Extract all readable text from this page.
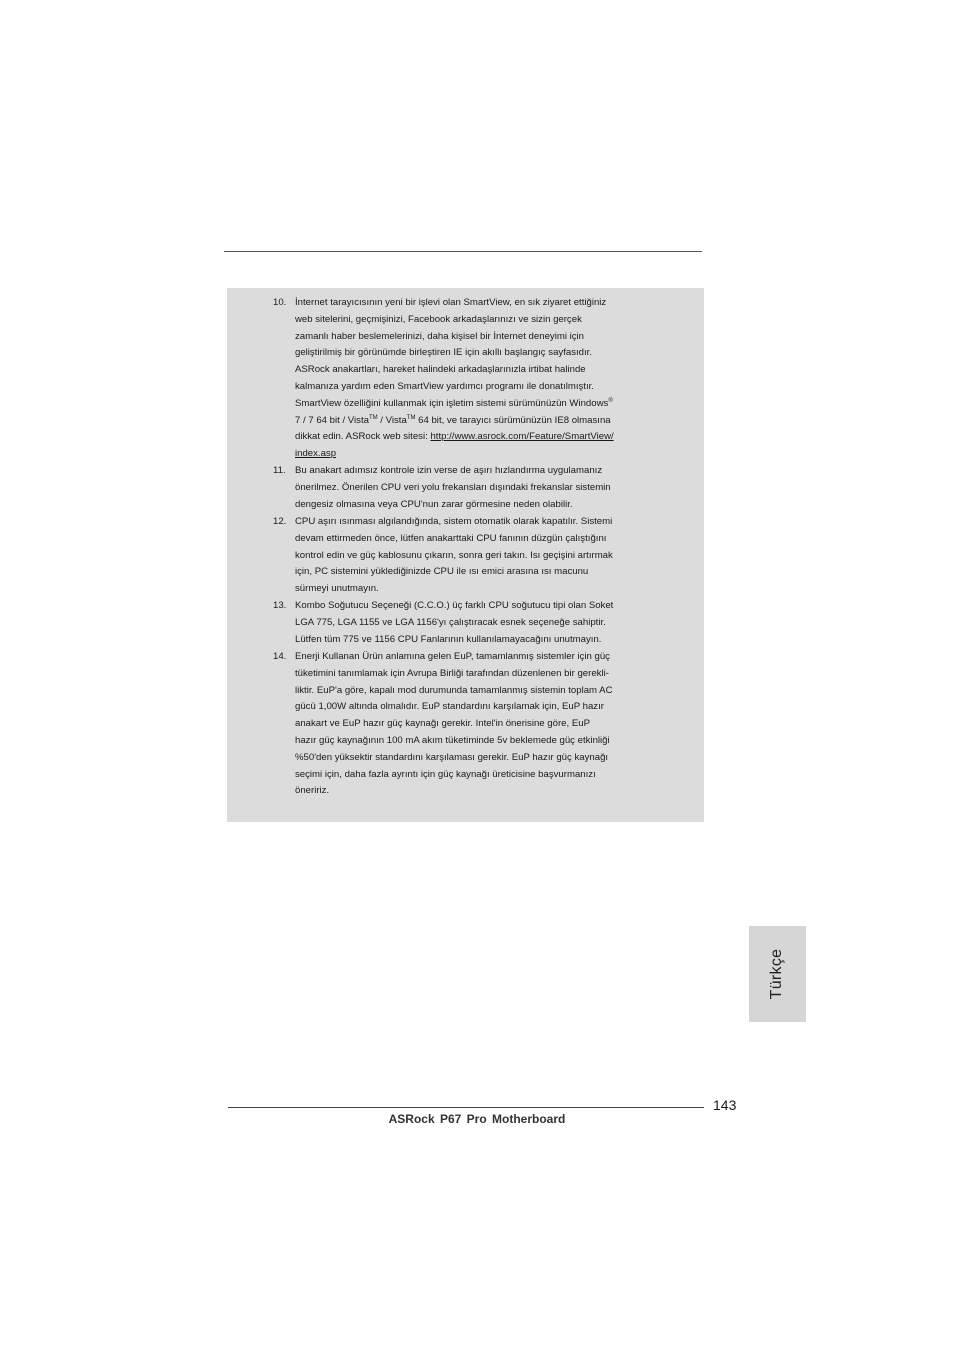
10. İnternet tarayıcısının yeni bir işlevi olan SmartView, en sık ziyaret ettiğiniz
web sitelerini, geçmişinizi, Facebook arkadaşlarınızı ve sizin gerçek
zamanlı haber beslemelerinizi, daha kişisel bir İnternet deneyimi için
geliştirilmiş bir görünümde birleştiren IE için akıllı başlangıç sayfasıdır.
ASRock anakartları, hareket halindeki arkadaşlarınızla irtibat halinde
kalmanıza yardım eden SmartView yardımcı programı ile donatılmıştır.
SmartView özelliğini kullanmak için işletim sistemi sürümünüzün Windows®
7 / 7 64 bit / Vista™ / Vista™ 64 bit, ve tarayıcı sürümünüzün IE8 olmasına
dikkat edin. ASRock web sitesi: http://www.asrock.com/Feature/SmartView/
index.asp
11. Bu anakart adımsız kontrole izin verse de aşırı hızlandırma uygulamanız
önerilmez. Önerilen CPU veri yolu frekansları dışındaki frekanslar sistemin
dengesiz olmasına veya CPU'nun zarar görmesine neden olabilir.
12. CPU aşırı ısınması algılandığında, sistem otomatik olarak kapatılır. Sistemi
devam ettirmeden önce, lütfen anakarttaki CPU fanının düzgün çalıştığını
kontrol edin ve güç kablosunu çıkarın, sonra geri takın. Isı geçişini artırmak
için, PC sistemini yüklediğinizde CPU ile ısı emici arasına ısı macunu
sürmeyi unutmayın.
13. Kombo Soğutucu Seçeneği (C.C.O.) üç farklı CPU soğutucu tipi olan Soket
LGA 775, LGA 1155 ve LGA 1156'yı çalıştıracak esnek seçeneğe sahiptir.
Lütfen tüm 775 ve 1156 CPU Fanlarının kullanılamayacağını unutmayın.
14. Enerji Kullanan Ürün anlamına gelen EuP, tamamlanmış sistemler için güç
tüketimini tanımlamak için Avrupa Birliği tarafından düzenlenen bir gerekli-
liktir. EuP'a göre, kapalı mod durumunda tamamlanmış sistemin toplam AC
gücü 1,00W altında olmalıdır. EuP standardını karşılamak için, EuP hazır
anakart ve EuP hazır güç kaynağı gerekir. Intel'in önerisine göre, EuP
hazır güç kaynağının 100 mA akım tüketiminde 5v beklemede güç etkinliği
%50'den yüksektir standardını karşılaması gerekir. EuP hazır güç kaynağı
seçimi için, daha fazla ayrıntı için güç kaynağı üreticisine başvurmanızı
öneririz.
Türkçe
143
ASRock P67 Pro Motherboard
